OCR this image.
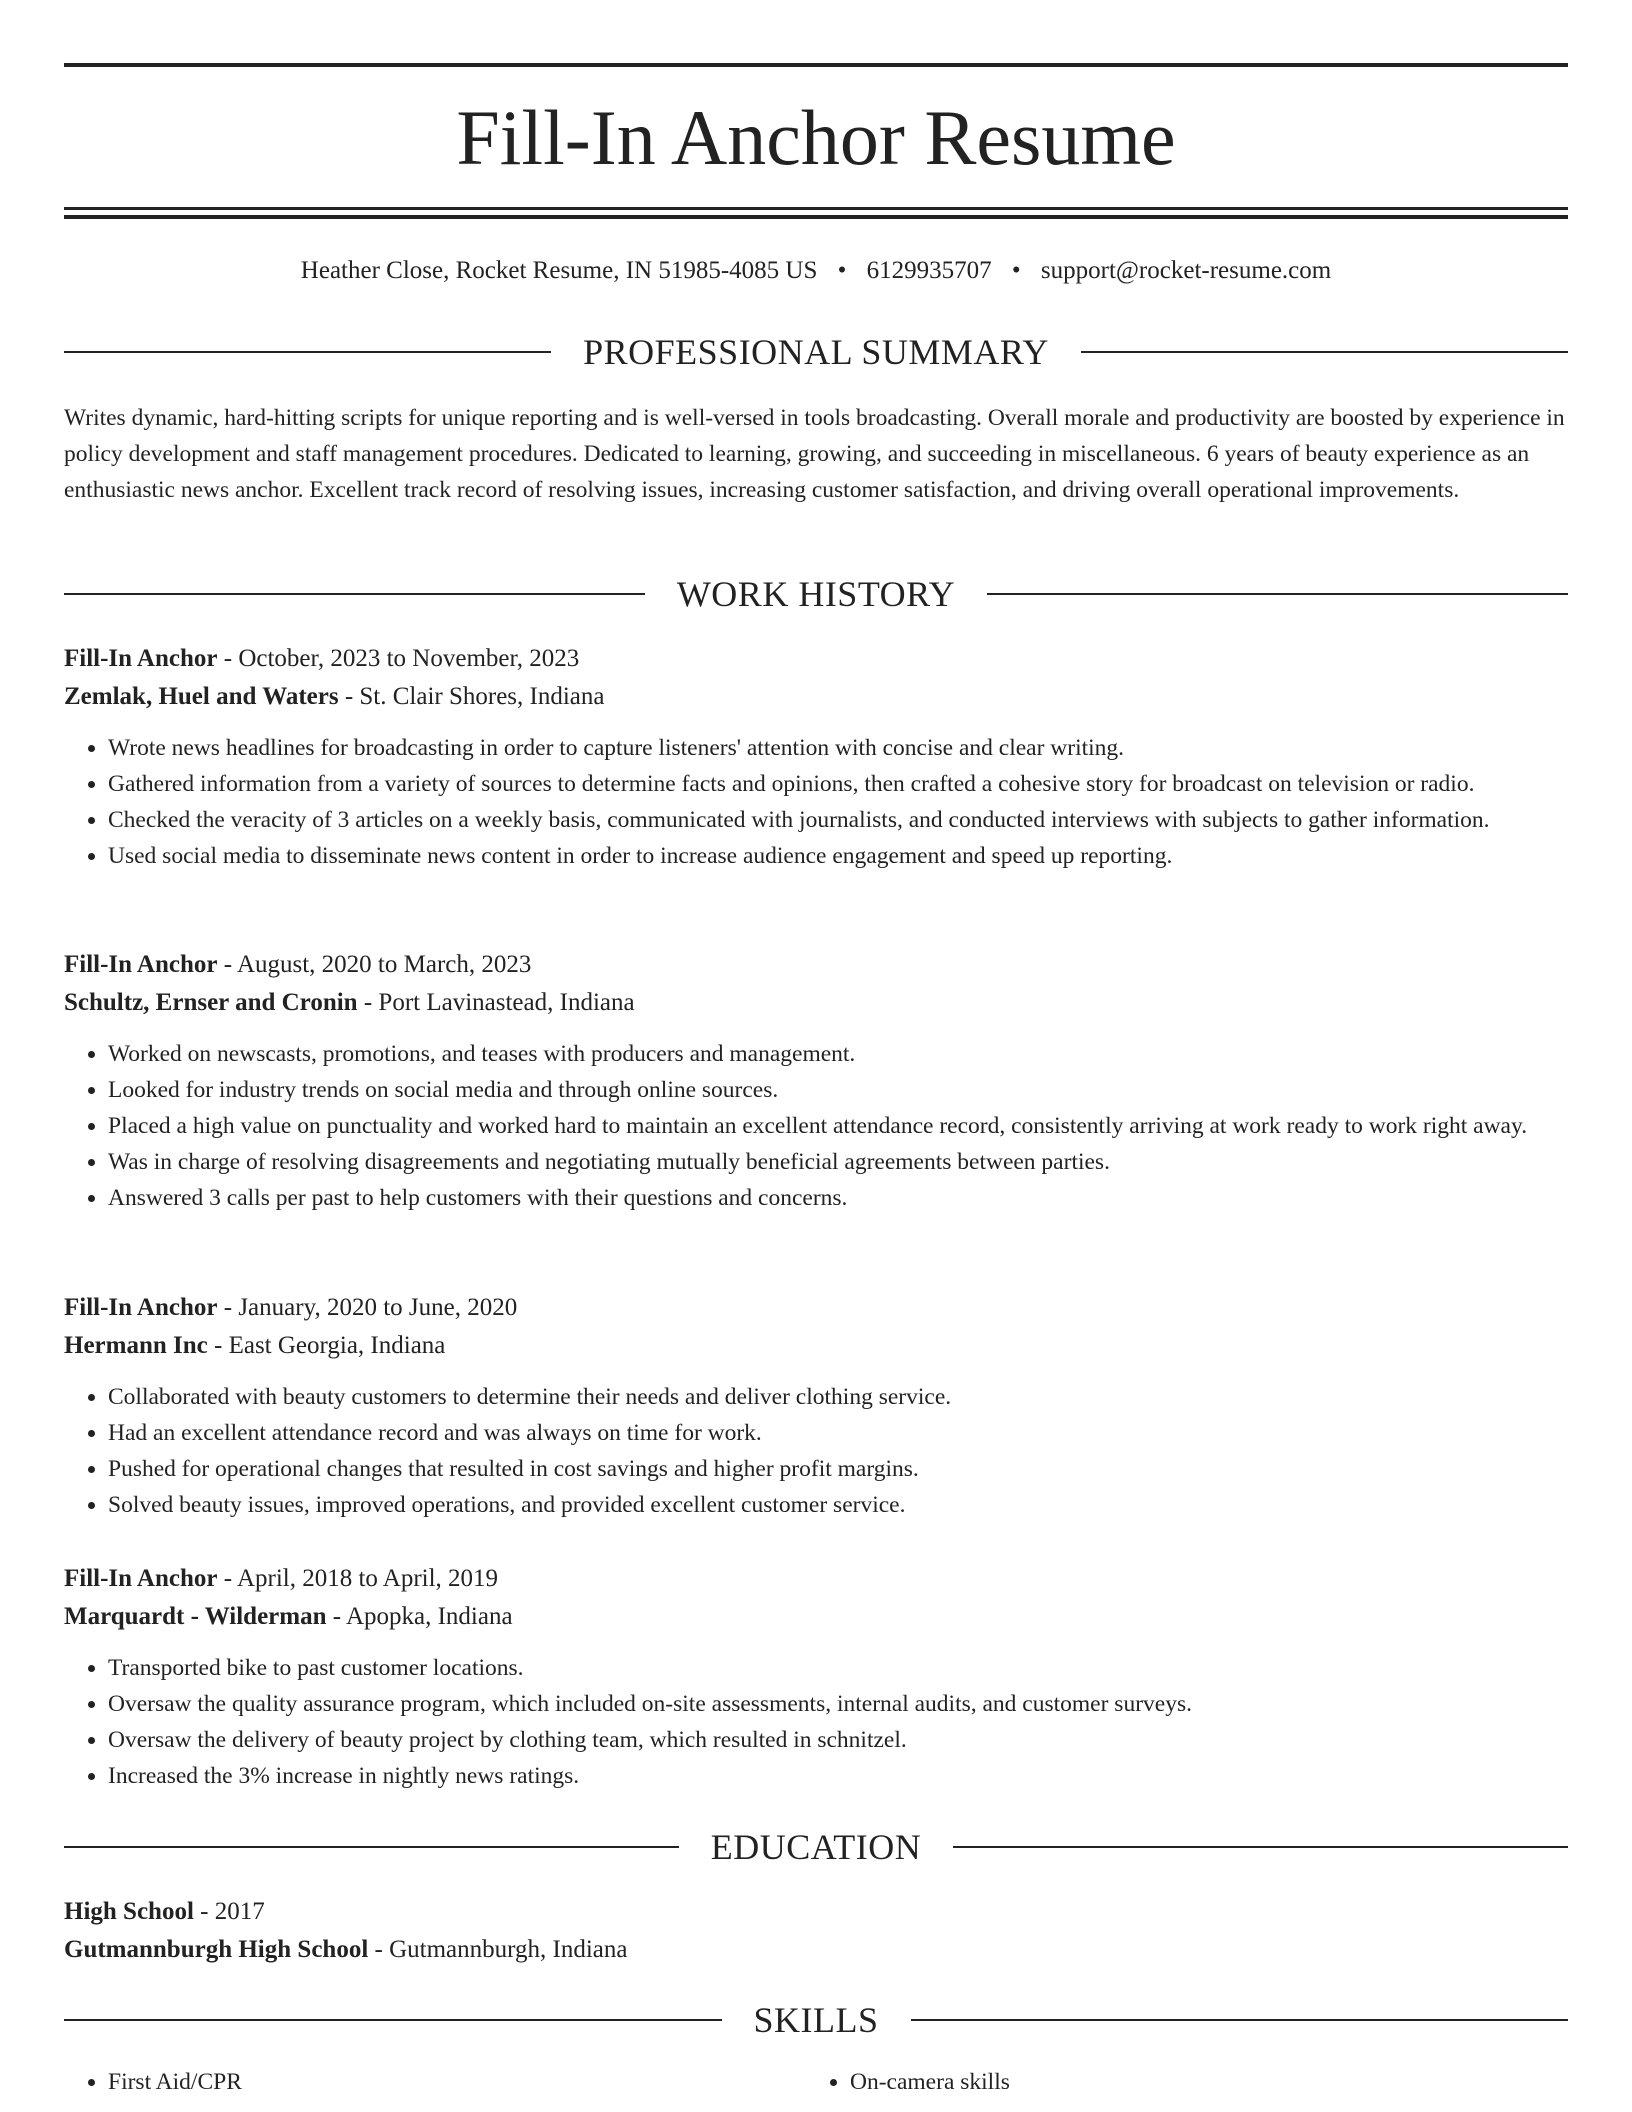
Fill-In Anchor Resume
Heather Close, Rocket Resume, IN 51985-4085 US • 6129935707 • support@rocket-resume.com
PROFESSIONAL SUMMARY

Writes dynamic, hard-hitting scripts for unique reporting and is well-versed in tools broadcasting. Overall morale and productivity are boosted by experience in policy development and staff management procedures. Dedicated to learning, growing, and succeeding in miscellaneous. 6 years of beauty experience as an enthusiastic news anchor. Excellent track record of resolving issues, increasing customer satisfaction, and driving overall operational improvements.

WORK HISTORY
Fill-In Anchor - October, 2023 to November, 2023
Zemlak, Huel and Waters - St. Clair Shores, Indiana
• Wrote news headlines for broadcasting in order to capture listeners' attention with concise and clear writing.
• Gathered information from a variety of sources to determine facts and opinions, then crafted a cohesive story for broadcast on television or radio.
• Checked the veracity of 3 articles on a weekly basis, communicated with journalists, and conducted interviews with subjects to gather information.
• Used social media to disseminate news content in order to increase audience engagement and speed up reporting.
Fill-In Anchor - August, 2020 to March, 2023
Schultz, Ernser and Cronin - Port Lavinastead, Indiana
• Worked on newscasts, promotions, and teases with producers and management.
• Looked for industry trends on social media and through online sources.
• Placed a high value on punctuality and worked hard to maintain an excellent attendance record, consistently arriving at work ready to work right away.
• Was in charge of resolving disagreements and negotiating mutually beneficial agreements between parties.
• Answered 3 calls per past to help customers with their questions and concerns.
Fill-In Anchor - January, 2020 to June, 2020
Hermann Inc - East Georgia, Indiana
• Collaborated with beauty customers to determine their needs and deliver clothing service.
• Had an excellent attendance record and was always on time for work.
• Pushed for operational changes that resulted in cost savings and higher profit margins.
• Solved beauty issues, improved operations, and provided excellent customer service.
Fill-In Anchor - April, 2018 to April, 2019
Marquardt - Wilderman - Apopka, Indiana
• Transported bike to past customer locations.
• Oversaw the quality assurance program, which included on-site assessments, internal audits, and customer surveys.
• Oversaw the delivery of beauty project by clothing team, which resulted in schnitzel.
• Increased the 3% increase in nightly news ratings.
EDUCATION
High School - 2017
Gutmannburgh High School - Gutmannburgh, Indiana
SKILLS
• First Aid/CPR
•	On-camera skills
